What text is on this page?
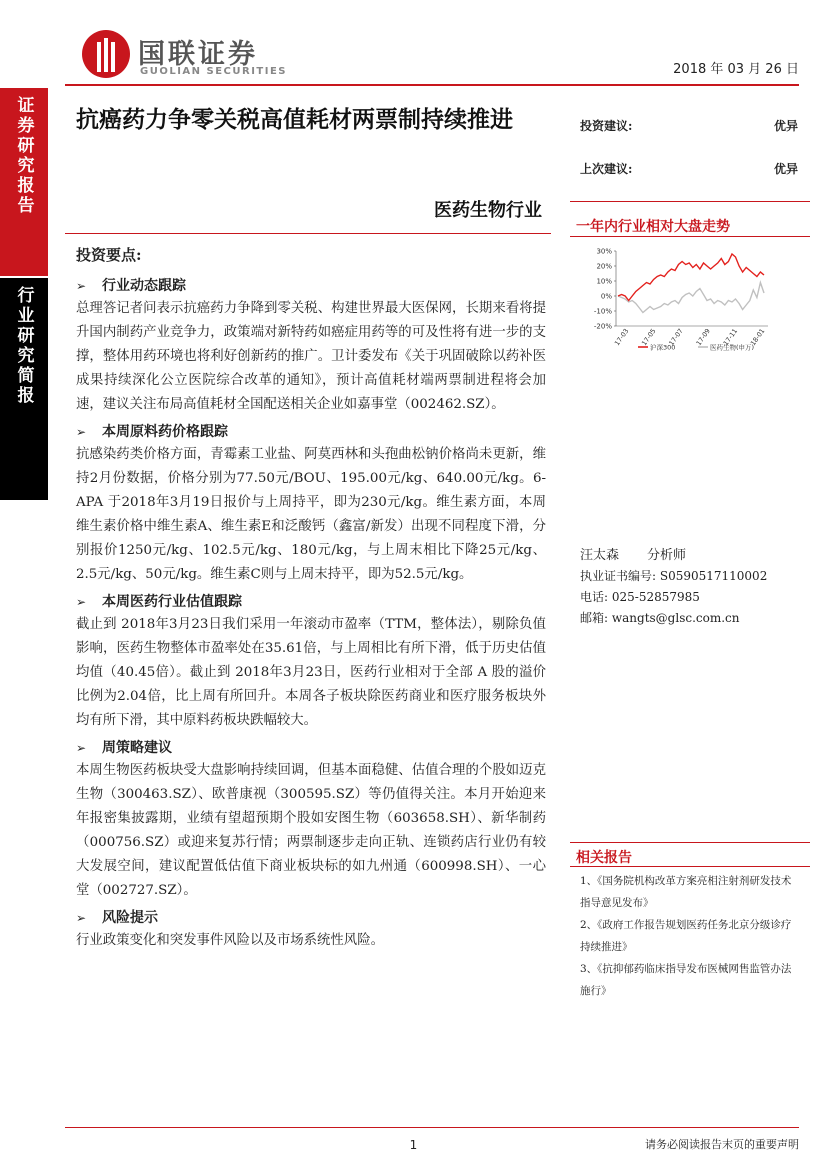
国联证券
GUOLIAN SECURITIES	2018 年 03 月 26 日
证券研究报告
行业研究简报
抗癌药力争零关税高值耗材两票制持续推进
医药生物行业
投资建议:	优异
上次建议:	优异
一年内行业相对大盘走势
30%
20%
10%
0%
-10%
-20%
17-03 17-05 17-07 17-09 17-11 18-01
沪深300	医药生物(申万)
汪太森 分析师
执业证书编号: S0590517110002
电话: 025-52857985
邮箱: wangts@glsc.com.cn
相关报告
1、《国务院机构改革方案亮相注射剂研发技术指导意见发布》
2、《政府工作报告规划医药任务北京分级诊疗持续推进》
3、《抗抑郁药临床指导发布医械网售监管办法施行》
投资要点:
➢	行业动态跟踪
总理答记者问表示抗癌药力争降到零关税、构建世界最大医保网，长期来看将提升国内制药产业竞争力，政策端对新特药如癌症用药等的可及性将有进一步的支撑，整体用药环境也将利好创新药的推广。卫计委发布《关于巩固破除以药补医成果持续深化公立医院综合改革的通知》，预计高值耗材端两票制进程将会加速，建议关注布局高值耗材全国配送相关企业如嘉事堂（002462.SZ）。
➢	本周原料药价格跟踪
抗感染药类价格方面，青霉素工业盐、阿莫西林和头孢曲松钠价格尚未更新，维持2月份数据，价格分别为77.50元/BOU、195.00元/kg、640.00元/kg。6-APA 于2018年3月19日报价与上周持平，即为230元/kg。维生素方面，本周维生素价格中维生素A、维生素E和泛酸钙（鑫富/新发）出现不同程度下滑，分别报价1250元/kg、102.5元/kg、180元/kg，与上周末相比下降25元/kg、2.5元/kg、50元/kg。维生素C则与上周末持平，即为52.5元/kg。
➢	本周医药行业估值跟踪
截止到 2018年3月23日我们采用一年滚动市盈率（TTM，整体法），剔除负值影响，医药生物整体市盈率处在35.61倍，与上周相比有所下滑，低于历史估值均值（40.45倍）。截止到 2018年3月23日，医药行业相对于全部 A 股的溢价比例为2.04倍，比上周有所回升。本周各子板块除医药商业和医疗服务板块外均有所下滑，其中原料药板块跌幅较大。
➢	周策略建议
本周生物医药板块受大盘影响持续回调，但基本面稳健、估值合理的个股如迈克生物（300463.SZ）、欧普康视（300595.SZ）等仍值得关注。本月开始迎来年报密集披露期，业绩有望超预期个股如安图生物（603658.SH）、新华制药（000756.SZ）或迎来复苏行情；两票制逐步走向正轨、连锁药店行业仍有较大发展空间，建议配置低估值下商业板块标的如九州通（600998.SH）、一心堂（002727.SZ）。
➢	风险提示
行业政策变化和突发事件风险以及市场系统性风险。
1	请务必阅读报告末页的重要声明
